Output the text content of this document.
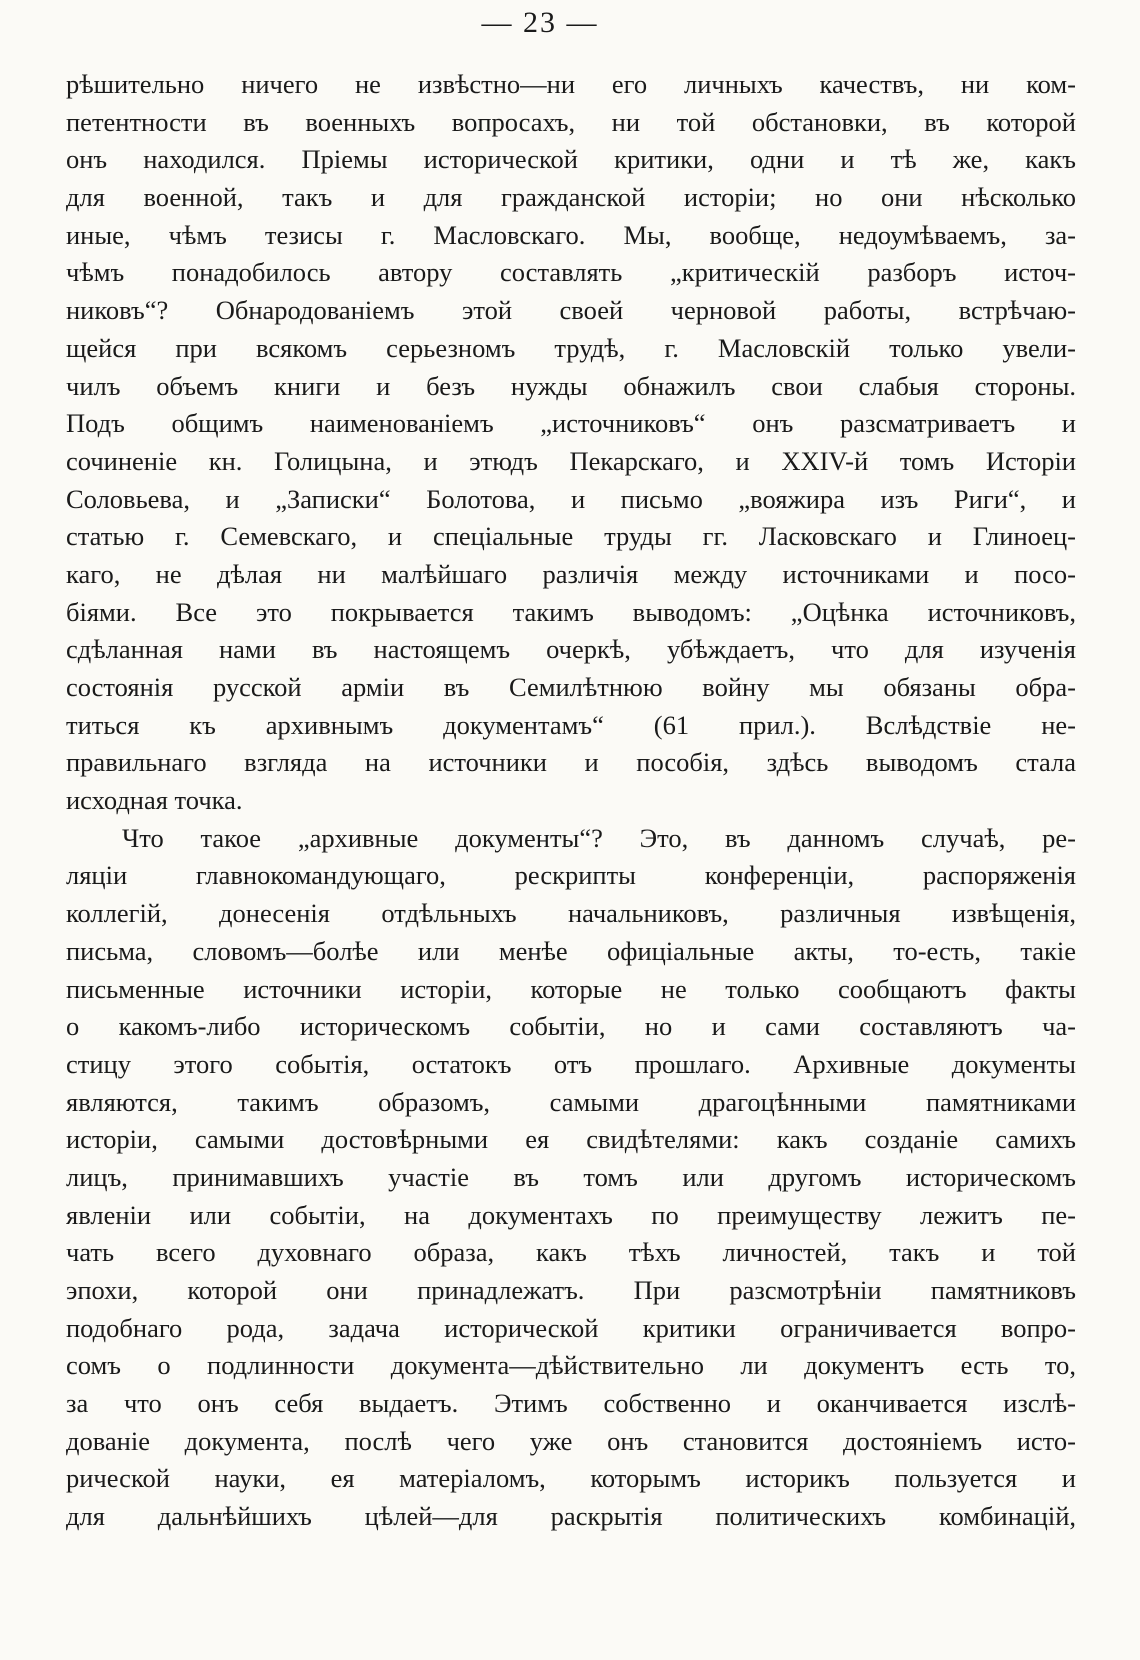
— 23 —
рѣшительно ничего не извѣстно—ни его личныхъ качествъ, ни ком-
петентности въ военныхъ вопросахъ, ни той обстановки, въ которой
онъ находился. Пріемы исторической критики, одни и тѣ же, какъ
для военной, такъ и для гражданской исторіи; но они нѣсколько
иные, чѣмъ тезисы г. Масловскаго. Мы, вообще, недоумѣваемъ, за-
чѣмъ понадобилось автору составлять „критическій разборъ источ-
никовъ“? Обнародованіемъ этой своей черновой работы, встрѣчаю-
щейся при всякомъ серьезномъ трудѣ, г. Масловскій только увели-
чилъ объемъ книги и безъ нужды обнажилъ свои слабыя стороны.
Подъ общимъ наименованіемъ „источниковъ“ онъ разсматриваетъ и
сочиненіе кн. Голицына, и этюдъ Пекарскаго, и XXIV-й томъ Исторіи
Соловьева, и „Записки“ Болотова, и письмо „вояжира изъ Риги“, и
статью г. Семевскаго, и спеціальные труды гг. Ласковскаго и Глиноец-
каго, не дѣлая ни малѣйшаго различія между источниками и посо-
біями. Все это покрывается такимъ выводомъ: „Оцѣнка источниковъ,
сдѣланная нами въ настоящемъ очеркѣ, убѣждаетъ, что для изученія
состоянія русской арміи въ Семилѣтнюю войну мы обязаны обра-
титься къ архивнымъ документамъ“ (61 прил.). Вслѣдствіе не-
правильнаго взгляда на источники и пособія, здѣсь выводомъ стала
исходная точка.
Что такое „архивные документы“? Это, въ данномъ случаѣ, ре-
ляціи главнокомандующаго, рескрипты конференціи, распоряженія
коллегій, донесенія отдѣльныхъ начальниковъ, различныя извѣщенія,
письма, словомъ—болѣе или менѣе офиціальные акты, то-есть, такіе
письменные источники исторіи, которые не только сообщаютъ факты
о какомъ-либо историческомъ событіи, но и сами составляютъ ча-
стицу этого событія, остатокъ отъ прошлаго. Архивные документы
являются, такимъ образомъ, самыми драгоцѣнными памятниками
исторіи, самыми достовѣрными ея свидѣтелями: какъ созданіе самихъ
лицъ, принимавшихъ участіе въ томъ или другомъ историческомъ
явленіи или событіи, на документахъ по преимуществу лежитъ пе-
чать всего духовнаго образа, какъ тѣхъ личностей, такъ и той
эпохи, которой они принадлежатъ. При разсмотрѣніи памятниковъ
подобнаго рода, задача исторической критики ограничивается вопро-
сомъ о подлинности документа—дѣйствительно ли документъ есть то,
за что онъ себя выдаетъ. Этимъ собственно и оканчивается изслѣ-
дованіе документа, послѣ чего уже онъ становится достояніемъ исто-
рической науки, ея матеріаломъ, которымъ историкъ пользуется и
для дальнѣйшихъ цѣлей—для раскрытія политическихъ комбинацій,
